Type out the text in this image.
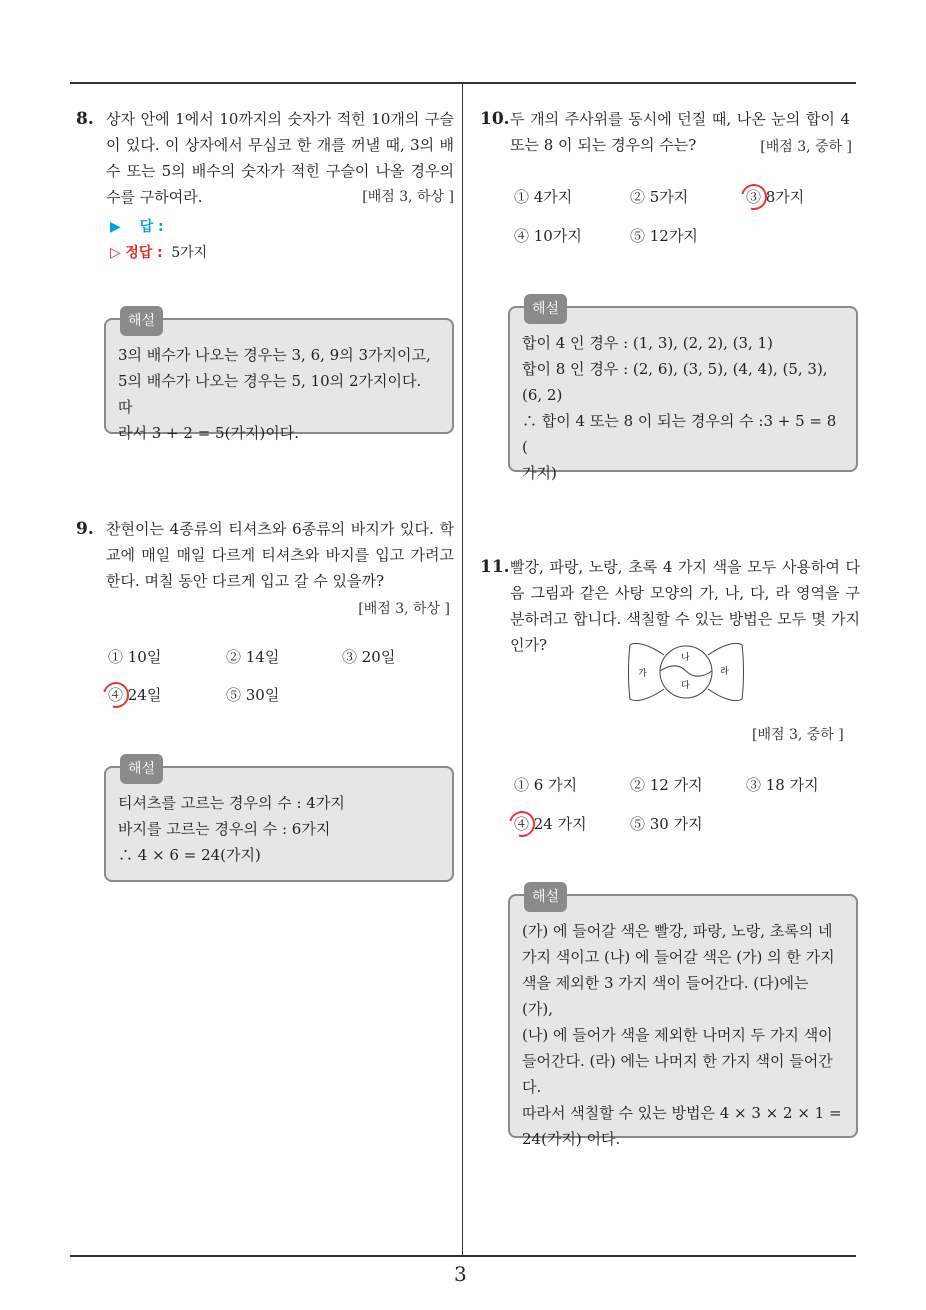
3
8. 상자 안에 1에서 10까지의 숫자가 적힌 10개의 구슬이 있다. 이 상자에서 무심코 한 개를 꺼낼 때, 3의 배수 또는 5의 배수의 숫자가 적힌 구슬이 나올 경우의 수를 구하여라.	[배점 3, 하상 ]
▶ 답 :
▷ 정답 : 5가지
해설
3의 배수가 나오는 경우는 3, 6, 9의 3가지이고,
5의 배수가 나오는 경우는 5, 10의 2가지이다. 따
라서 3 + 2 = 5(가지)이다.
9. 찬현이는 4종류의 티셔츠와 6종류의 바지가 있다. 학교에 매일 매일 다르게 티셔츠와 바지를 입고 가려고 한다. 며칠 동안 다르게 입고 갈 수 있을까?
[배점 3, 하상 ]
① 10일	② 14일	③ 20일
④ 24일	⑤ 30일
해설
티셔츠를 고르는 경우의 수 : 4가지
바지를 고르는 경우의 수 : 6가지
∴ 4 × 6 = 24(가지)
10. 두 개의 주사위를 동시에 던질 때, 나온 눈의 합이 4 또는 8 이 되는 경우의 수는?	[배점 3, 중하 ]
① 4가지	② 5가지	③ 8가지
④ 10가지	⑤ 12가지
해설
합이 4 인 경우 : (1, 3), (2, 2), (3, 1)
합이 8 인 경우 : (2, 6), (3, 5), (4, 4), (5, 3),
(6, 2)
∴ 합이 4 또는 8 이 되는 경우의 수 :3 + 5 = 8 (
가지)
11. 빨강, 파랑, 노랑, 초록 4 가지 색을 모두 사용하여 다음 그림과 같은 사탕 모양의 가, 나, 다, 라 영역을 구분하려고 합니다. 색칠할 수 있는 방법은 모두 몇 가지인가?
가
나
다
라
[배점 3, 중하 ]
① 6 가지	② 12 가지	③ 18 가지
④ 24 가지	⑤ 30 가지
해설
(가) 에 들어갈 색은 빨강, 파랑, 노랑, 초록의 네
가지 색이고 (나) 에 들어갈 색은 (가) 의 한 가지
색을 제외한 3 가지 색이 들어간다. (다)에는 (가),
(나) 에 들어가 색을 제외한 나머지 두 가지 색이
들어간다. (라) 에는 나머지 한 가지 색이 들어간
다.
따라서 색칠할 수 있는 방법은 4 × 3 × 2 × 1 =
24(가지) 이다.
